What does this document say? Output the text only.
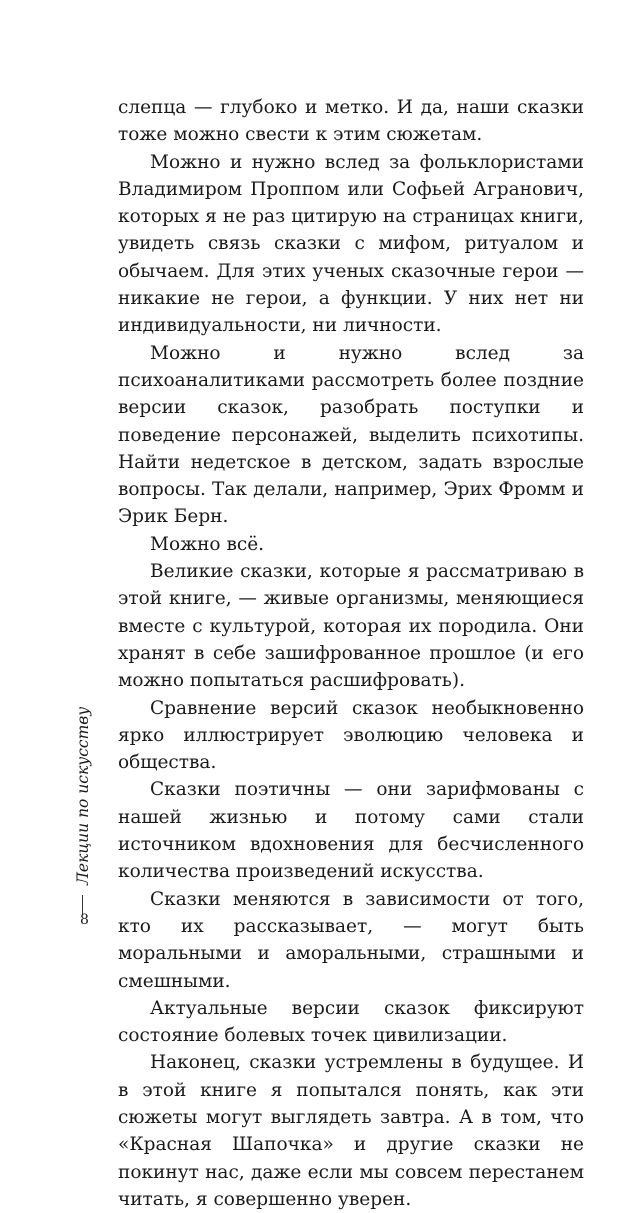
слепца — глубоко и метко. И да, наши сказки тоже можно свести к этим сюжетам.

Можно и нужно вслед за фольклористами Владимиром Проппом или Софьей Агранович, которых я не раз цитирую на страницах книги, увидеть связь сказки с мифом, ритуалом и обычаем. Для этих ученых сказочные герои — никакие не герои, а функции. У них нет ни индивидуальности, ни личности.

Можно и нужно вслед за психоаналитиками рассмотреть более поздние версии сказок, разобрать поступки и поведение персонажей, выделить психотипы. Найти недетское в детском, задать взрослые вопросы. Так делали, например, Эрих Фромм и Эрик Берн.

Можно всё.

Великие сказки, которые я рассматриваю в этой книге, — живые организмы, меняющиеся вместе с культурой, которая их породила. Они хранят в себе зашифрованное прошлое (и его можно попытаться расшифровать).

Сравнение версий сказок необыкновенно ярко иллюстрирует эволюцию человека и общества.

Сказки поэтичны — они зарифмованы с нашей жизнью и потому сами стали источником вдохновения для бесчисленного количества произведений искусства.

Сказки меняются в зависимости от того, кто их рассказывает, — могут быть моральными и аморальными, страшными и смешными.

Актуальные версии сказок фиксируют состояние болевых точек цивилизации.

Наконец, сказки устремлены в будущее. И в этой книге я попытался понять, как эти сюжеты могут выглядеть завтра. А в том, что «Красная Шапочка» и другие сказки не покинут нас, даже если мы совсем перестанем читать, я совершенно уверен.

Лекции по искусству
8
